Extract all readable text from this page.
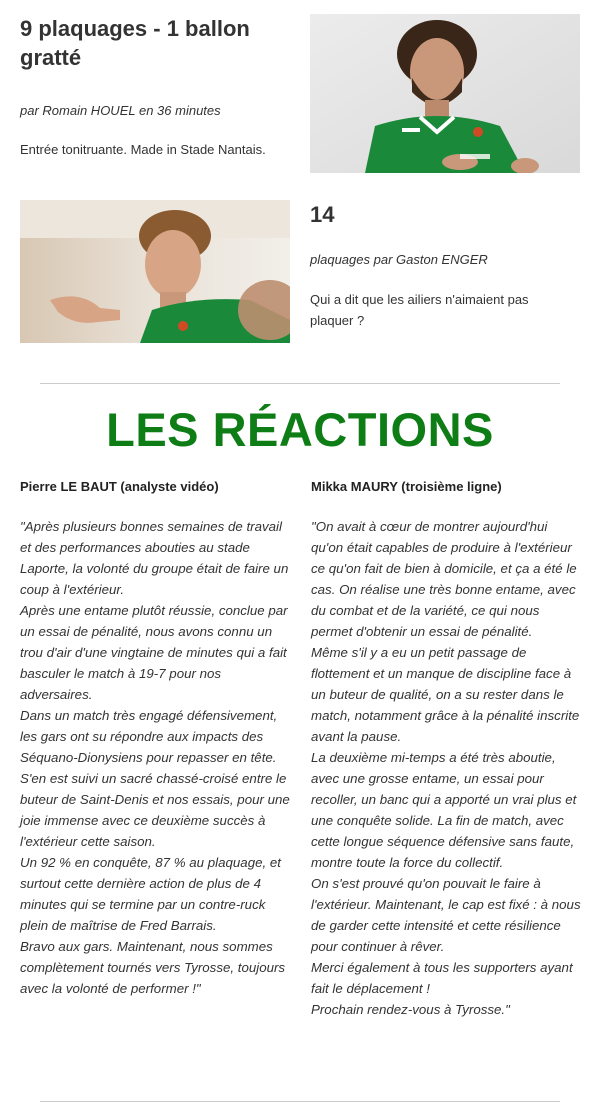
9 plaquages - 1 ballon gratté

par Romain HOUEL en 36 minutes

Entrée tonitruante. Made in Stade Nantais.

14

plaquages par Gaston ENGER

Qui a dit que les ailiers n'aimaient pas plaquer ?

LES RÉACTIONS

Pierre LE BAUT (analyste vidéo)

"Après plusieurs bonnes semaines de travail et des performances abouties au stade Laporte, la volonté du groupe était de faire un coup à l'extérieur.
Après une entame plutôt réussie, conclue par un essai de pénalité, nous avons connu un trou d'air d'une vingtaine de minutes qui a fait basculer le match à 19-7 pour nos adversaires.
Dans un match très engagé défensivement, les gars ont su répondre aux impacts des Séquano-Dionysiens pour repasser en tête. S'en est suivi un sacré chassé-croisé entre le buteur de Saint-Denis et nos essais, pour une joie immense avec ce deuxième succès à l'extérieur cette saison.
Un 92 % en conquête, 87 % au plaquage, et surtout cette dernière action de plus de 4 minutes qui se termine par un contre-ruck plein de maîtrise de Fred Barrais.
Bravo aux gars. Maintenant, nous sommes complètement tournés vers Tyrosse, toujours avec la volonté de performer !"

Mikka MAURY (troisième ligne)

"On avait à cœur de montrer aujourd'hui qu'on était capables de produire à l'extérieur ce qu'on fait de bien à domicile, et ça a été le cas. On réalise une très bonne entame, avec du combat et de la variété, ce qui nous permet d'obtenir un essai de pénalité.
Même s'il y a eu un petit passage de flottement et un manque de discipline face à un buteur de qualité, on a su rester dans le match, notamment grâce à la pénalité inscrite avant la pause.
La deuxième mi-temps a été très aboutie, avec une grosse entame, un essai pour recoller, un banc qui a apporté un vrai plus et une conquête solide. La fin de match, avec cette longue séquence défensive sans faute, montre toute la force du collectif.
On s'est prouvé qu'on pouvait le faire à l'extérieur. Maintenant, le cap est fixé : à nous de garder cette intensité et cette résilience pour continuer à rêver.
Merci également à tous les supporters ayant fait le déplacement !
Prochain rendez-vous à Tyrosse."
